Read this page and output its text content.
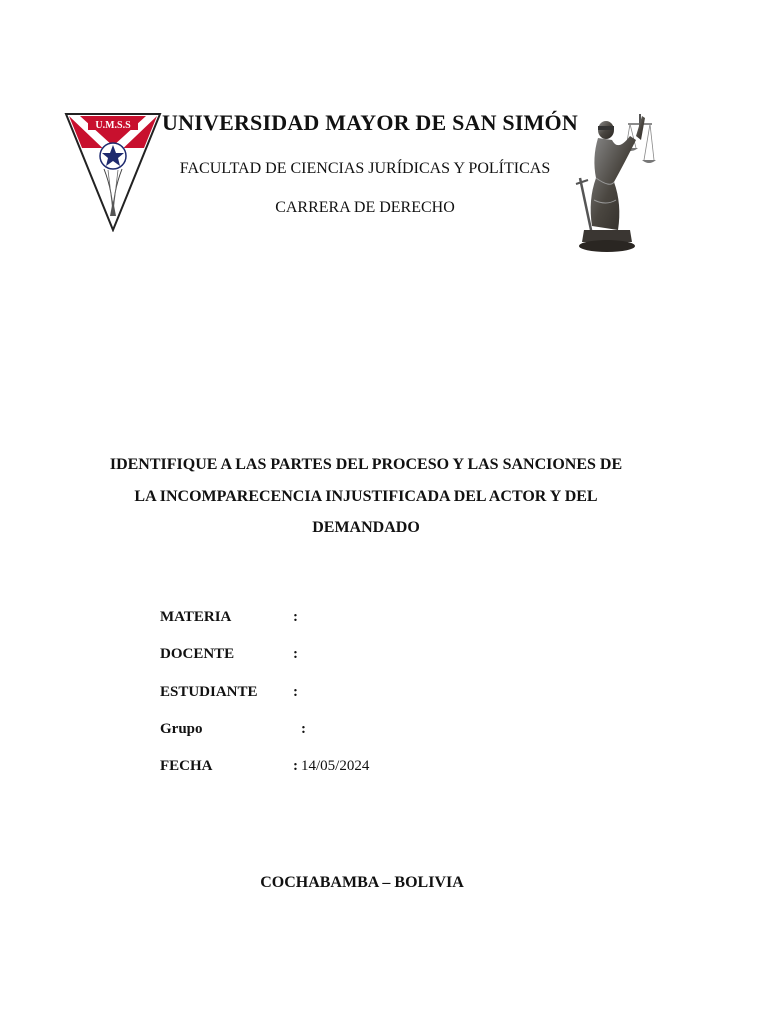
U.M.S.S	UNIVERSIDAD MAYOR DE SAN SIMÓN
FACULTAD DE CIENCIAS JURÍDICAS Y POLÍTICAS
CARRERA DE DERECHO
IDENTIFIQUE A LAS PARTES DEL PROCESO Y LAS SANCIONES DE
LA INCOMPARECENCIA INJUSTIFICADA DEL ACTOR Y DEL
DEMANDADO
MATERIA	:
DOCENTE	:
ESTUDIANTE :
Grupo	:
FECHA	: 14/05/2024
COCHABAMBA – BOLIVIA
